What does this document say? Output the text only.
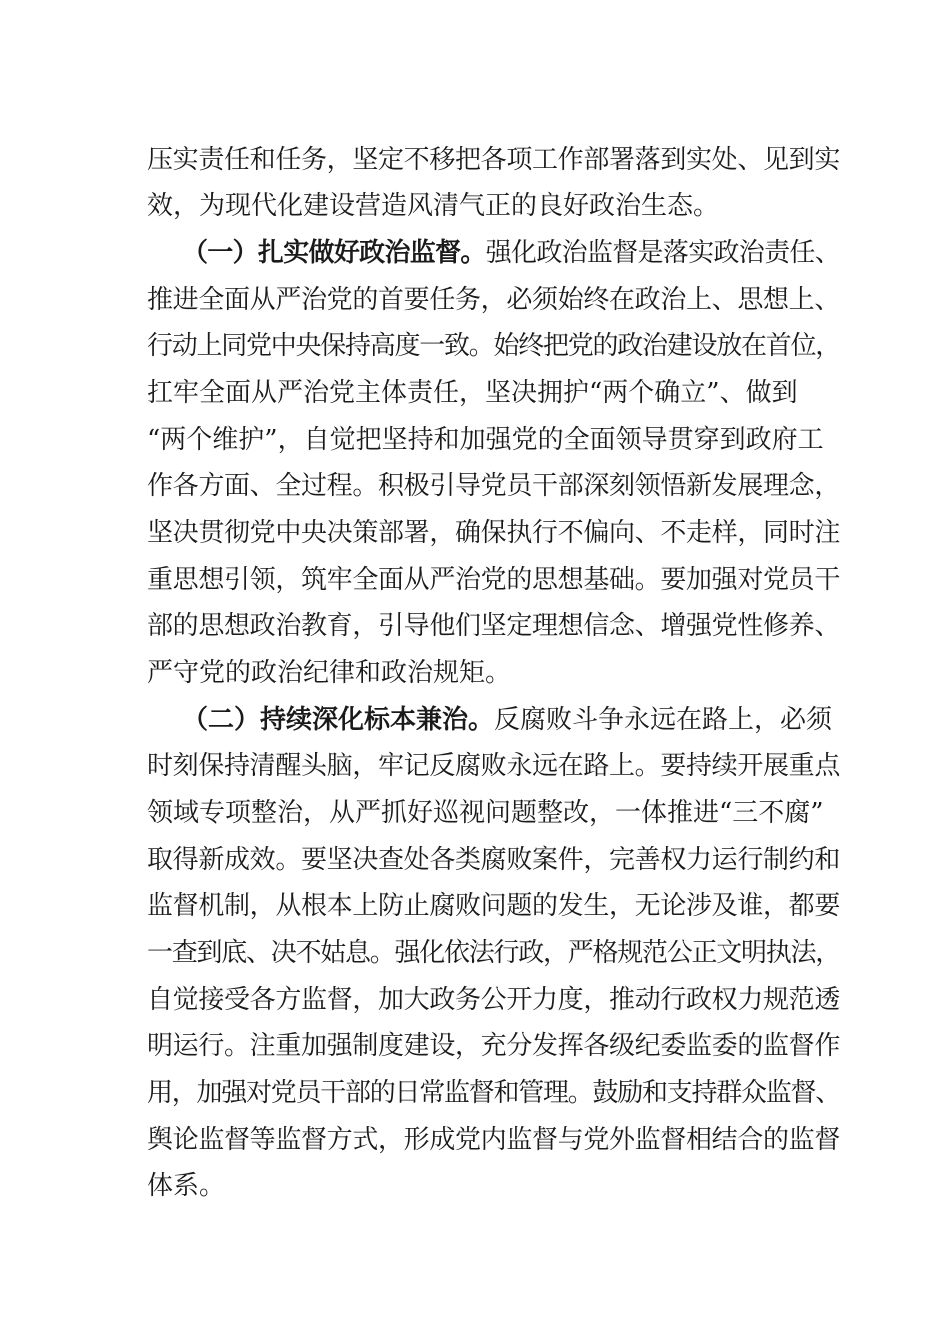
压实责任和任务，坚定不移把各项工作部署落到实处、见到实
效，为现代化建设营造风清气正的良好政治生态。
（一）扎实做好政治监督。强化政治监督是落实政治责任、
推进全面从严治党的首要任务，必须始终在政治上、思想上、
行动上同党中央保持高度一致。始终把党的政治建设放在首位，
扛牢全面从严治党主体责任，坚决拥护“两个确立”、做到
“两个维护”，自觉把坚持和加强党的全面领导贯穿到政府工
作各方面、全过程。积极引导党员干部深刻领悟新发展理念，
坚决贯彻党中央决策部署，确保执行不偏向、不走样，同时注
重思想引领，筑牢全面从严治党的思想基础。要加强对党员干
部的思想政治教育，引导他们坚定理想信念、增强党性修养、
严守党的政治纪律和政治规矩。
（二）持续深化标本兼治。反腐败斗争永远在路上，必须
时刻保持清醒头脑，牢记反腐败永远在路上。要持续开展重点
领域专项整治，从严抓好巡视问题整改，一体推进“三不腐”
取得新成效。要坚决查处各类腐败案件，完善权力运行制约和
监督机制，从根本上防止腐败问题的发生，无论涉及谁，都要
一查到底、决不姑息。强化依法行政，严格规范公正文明执法，
自觉接受各方监督，加大政务公开力度，推动行政权力规范透
明运行。注重加强制度建设，充分发挥各级纪委监委的监督作
用，加强对党员干部的日常监督和管理。鼓励和支持群众监督、
舆论监督等监督方式，形成党内监督与党外监督相结合的监督
体系。
